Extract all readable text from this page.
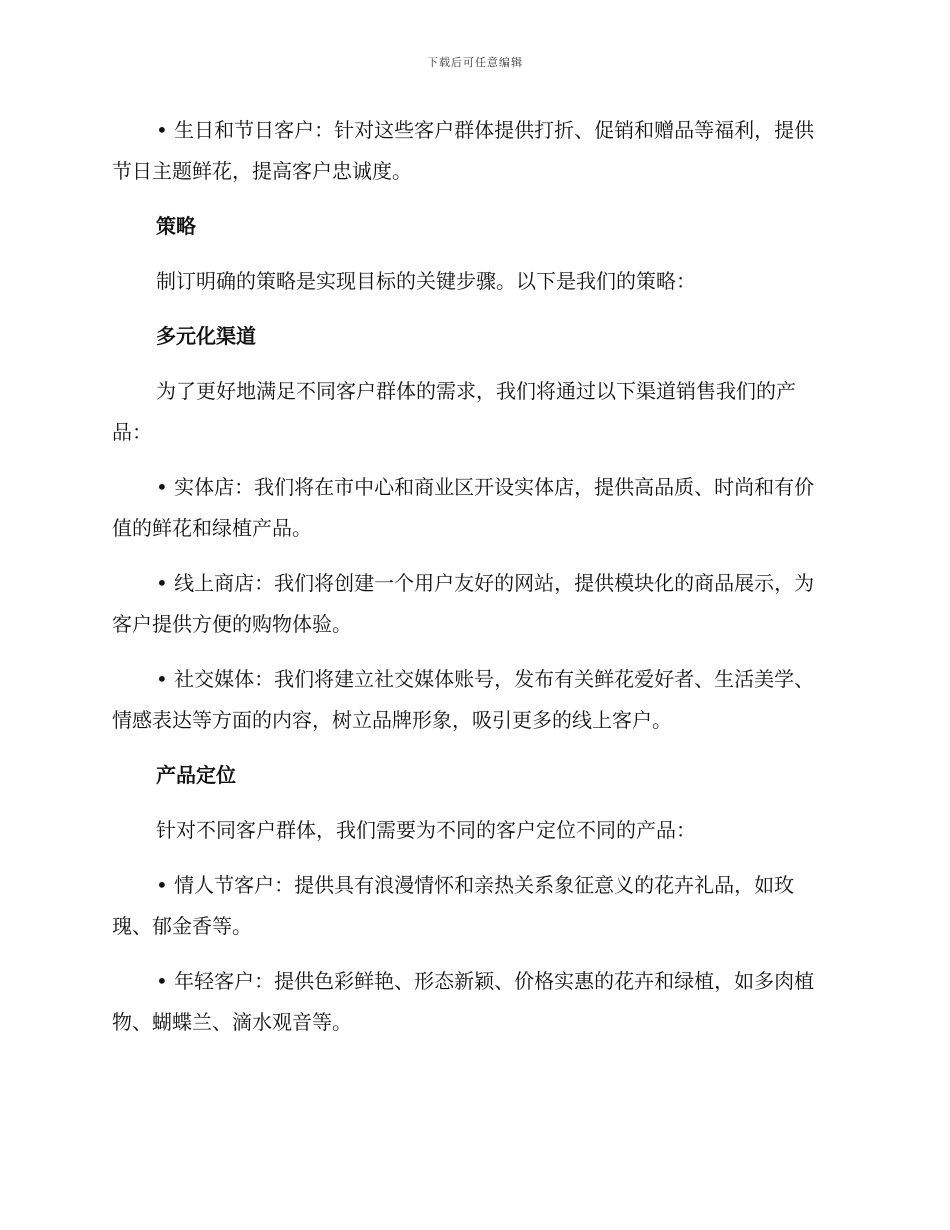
下载后可任意编辑

• 生日和节日客户：针对这些客户群体提供打折、促销和赠品等福利，提供节日主题鲜花，提高客户忠诚度。

策略

制订明确的策略是实现目标的关键步骤。以下是我们的策略：

多元化渠道

为了更好地满足不同客户群体的需求，我们将通过以下渠道销售我们的产品：

• 实体店：我们将在市中心和商业区开设实体店，提供高品质、时尚和有价值的鲜花和绿植产品。

• 线上商店：我们将创建一个用户友好的网站，提供模块化的商品展示，为客户提供方便的购物体验。

• 社交媒体：我们将建立社交媒体账号，发布有关鲜花爱好者、生活美学、情感表达等方面的内容，树立品牌形象，吸引更多的线上客户。

产品定位

针对不同客户群体，我们需要为不同的客户定位不同的产品：

• 情人节客户：提供具有浪漫情怀和亲热关系象征意义的花卉礼品，如玫瑰、郁金香等。

• 年轻客户：提供色彩鲜艳、形态新颖、价格实惠的花卉和绿植，如多肉植物、蝴蝶兰、滴水观音等。
